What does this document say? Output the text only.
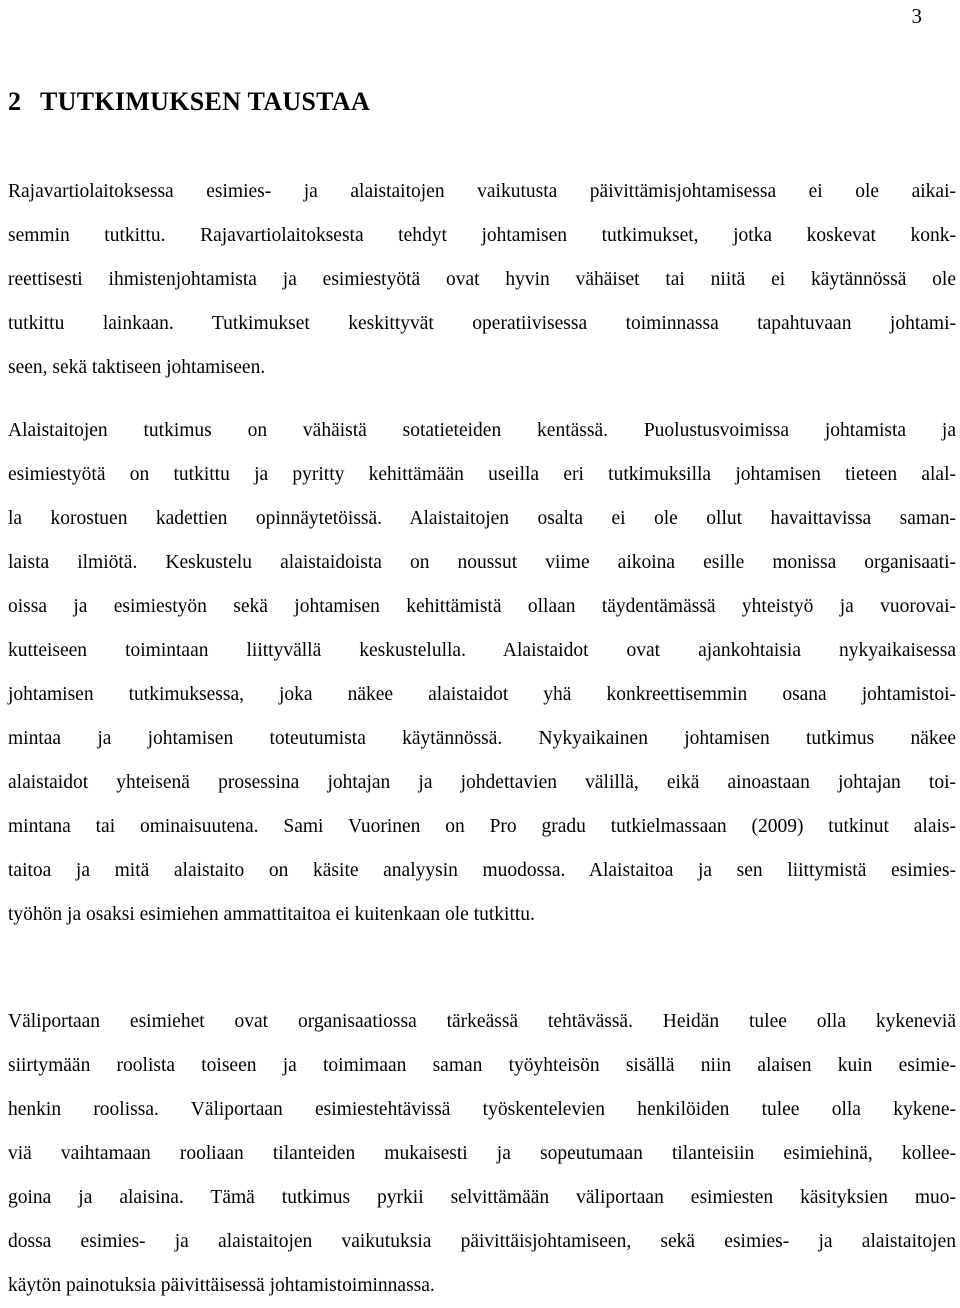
3
2 TUTKIMUKSEN TAUSTAA
Rajavartiolaitoksessa esimies- ja alaistaitojen vaikutusta päivittämisjohtamisessa ei ole aikai-
semmin tutkittu. Rajavartiolaitoksesta tehdyt johtamisen tutkimukset, jotka koskevat konk-
reettisesti ihmistenjohtamista ja esimiestyötä ovat hyvin vähäiset tai niitä ei käytännössä ole
tutkittu lainkaan. Tutkimukset keskittyvät operatiivisessa toiminnassa tapahtuvaan johtami-
seen, sekä taktiseen johtamiseen.
Alaistaitojen tutkimus on vähäistä sotatieteiden kentässä. Puolustusvoimissa johtamista ja
esimiestyötä on tutkittu ja pyritty kehittämään useilla eri tutkimuksilla johtamisen tieteen alal-
la korostuen kadettien opinnäytetöissä. Alaistaitojen osalta ei ole ollut havaittavissa saman-
laista ilmiötä. Keskustelu alaistaidoista on noussut viime aikoina esille monissa organisaati-
oissa ja esimiestyön sekä johtamisen kehittämistä ollaan täydentämässä yhteistyö ja vuorovai-
kutteiseen toimintaan liittyvällä keskustelulla. Alaistaidot ovat ajankohtaisia nykyaikaisessa
johtamisen tutkimuksessa, joka näkee alaistaidot yhä konkreettisemmin osana johtamistoi-
mintaa ja johtamisen toteutumista käytännössä. Nykyaikainen johtamisen tutkimus näkee
alaistaidot yhteisenä prosessina johtajan ja johdettavien välillä, eikä ainoastaan johtajan toi-
mintana tai ominaisuutena. Sami Vuorinen on Pro gradu tutkielmassaan (2009) tutkinut alais-
taitoa ja mitä alaistaito on käsite analyysin muodossa. Alaistaitoa ja sen liittymistä esimies-
työhön ja osaksi esimiehen ammattitaitoa ei kuitenkaan ole tutkittu.
Väliportaan esimiehet ovat organisaatiossa tärkeässä tehtävässä. Heidän tulee olla kykeneviä
siirtymään roolista toiseen ja toimimaan saman työyhteisön sisällä niin alaisen kuin esimie-
henkin roolissa. Väliportaan esimiestehtävissä työskentelevien henkilöiden tulee olla kykene-
viä vaihtamaan rooliaan tilanteiden mukaisesti ja sopeutumaan tilanteisiin esimiehinä, kollee-
goina ja alaisina. Tämä tutkimus pyrkii selvittämään väliportaan esimiesten käsityksien muo-
dossa esimies- ja alaistaitojen vaikutuksia päivittäisjohtamiseen, sekä esimies- ja alaistaitojen
käytön painotuksia päivittäisessä johtamistoiminnassa.
